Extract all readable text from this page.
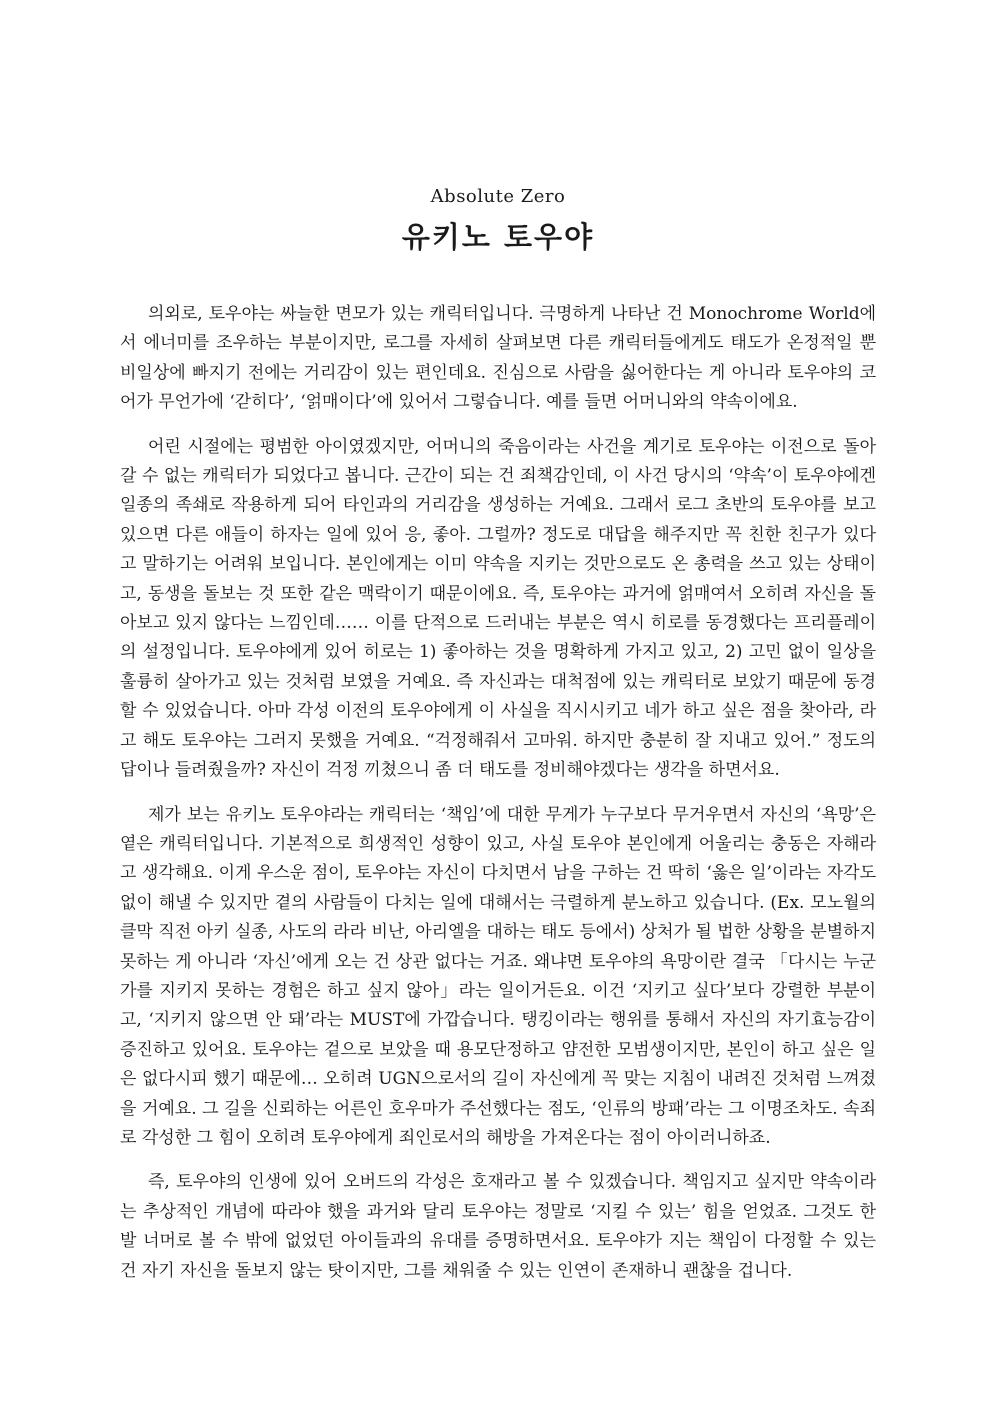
Absolute Zero

유키노 토우야

의외로, 토우야는 싸늘한 면모가 있는 캐릭터입니다. 극명하게 나타난 건 Monochrome World에서 에너미를 조우하는 부분이지만, 로그를 자세히 살펴보면 다른 캐릭터들에게도 태도가 온정적일 뿐 비일상에 빠지기 전에는 거리감이 있는 편인데요. 진심으로 사람을 싫어한다는 게 아니라 토우야의 코어가 무언가에 ‘갇히다’, ‘얽매이다’에 있어서 그렇습니다. 예를 들면 어머니와의 약속이에요.

어린 시절에는 평범한 아이였겠지만, 어머니의 죽음이라는 사건을 계기로 토우야는 이전으로 돌아갈 수 없는 캐릭터가 되었다고 봅니다. 근간이 되는 건 죄책감인데, 이 사건 당시의 ‘약속’이 토우야에겐 일종의 족쇄로 작용하게 되어 타인과의 거리감을 생성하는 거예요. 그래서 로그 초반의 토우야를 보고 있으면 다른 애들이 하자는 일에 있어 응, 좋아. 그럴까? 정도로 대답을 해주지만 꼭 친한 친구가 있다고 말하기는 어려워 보입니다. 본인에게는 이미 약속을 지키는 것만으로도 온 총력을 쓰고 있는 상태이고, 동생을 돌보는 것 또한 같은 맥락이기 때문이에요. 즉, 토우야는 과거에 얽매여서 오히려 자신을 돌아보고 있지 않다는 느낌인데…… 이를 단적으로 드러내는 부분은 역시 히로를 동경했다는 프리플레이의 설정입니다. 토우야에게 있어 히로는 1) 좋아하는 것을 명확하게 가지고 있고, 2) 고민 없이 일상을 훌륭히 살아가고 있는 것처럼 보였을 거예요. 즉 자신과는 대척점에 있는 캐릭터로 보았기 때문에 동경할 수 있었습니다. 아마 각성 이전의 토우야에게 이 사실을 직시시키고 네가 하고 싶은 점을 찾아라, 라고 해도 토우야는 그러지 못했을 거예요. “걱정해줘서 고마워. 하지만 충분히 잘 지내고 있어.” 정도의 답이나 들려줬을까? 자신이 걱정 끼쳤으니 좀 더 태도를 정비해야겠다는 생각을 하면서요.

제가 보는 유키노 토우야라는 캐릭터는 ‘책임’에 대한 무게가 누구보다 무거우면서 자신의 ‘욕망’은 옅은 캐릭터입니다. 기본적으로 희생적인 성향이 있고, 사실 토우야 본인에게 어울리는 충동은 자해라고 생각해요. 이게 우스운 점이, 토우야는 자신이 다치면서 남을 구하는 건 딱히 ‘옳은 일’이라는 자각도 없이 해낼 수 있지만 곁의 사람들이 다치는 일에 대해서는 극렬하게 분노하고 있습니다. (Ex. 모노월의 클막 직전 아키 실종, 사도의 라라 비난, 아리엘을 대하는 태도 등에서) 상처가 될 법한 상황을 분별하지 못하는 게 아니라 ‘자신’에게 오는 건 상관 없다는 거죠. 왜냐면 토우야의 욕망이란 결국 「다시는 누군가를 지키지 못하는 경험은 하고 싶지 않아」라는 일이거든요. 이건 ‘지키고 싶다’보다 강렬한 부분이고, ‘지키지 않으면 안 돼’라는 MUST에 가깝습니다. 탱킹이라는 행위를 통해서 자신의 자기효능감이 증진하고 있어요. 토우야는 겉으로 보았을 때 용모단정하고 얌전한 모범생이지만, 본인이 하고 싶은 일은 없다시피 했기 때문에… 오히려 UGN으로서의 길이 자신에게 꼭 맞는 지침이 내려진 것처럼 느껴졌을 거예요. 그 길을 신뢰하는 어른인 호우마가 주선했다는 점도, ‘인류의 방패’라는 그 이명조차도. 속죄로 각성한 그 힘이 오히려 토우야에게 죄인로서의 해방을 가져온다는 점이 아이러니하죠.

즉, 토우야의 인생에 있어 오버드의 각성은 호재라고 볼 수 있겠습니다. 책임지고 싶지만 약속이라는 추상적인 개념에 따라야 했을 과거와 달리 토우야는 정말로 ‘지킬 수 있는’ 힘을 얻었죠. 그것도 한 발 너머로 볼 수 밖에 없었던 아이들과의 유대를 증명하면서요. 토우야가 지는 책임이 다정할 수 있는 건 자기 자신을 돌보지 않는 탓이지만, 그를 채워줄 수 있는 인연이 존재하니 괜찮을 겁니다.
